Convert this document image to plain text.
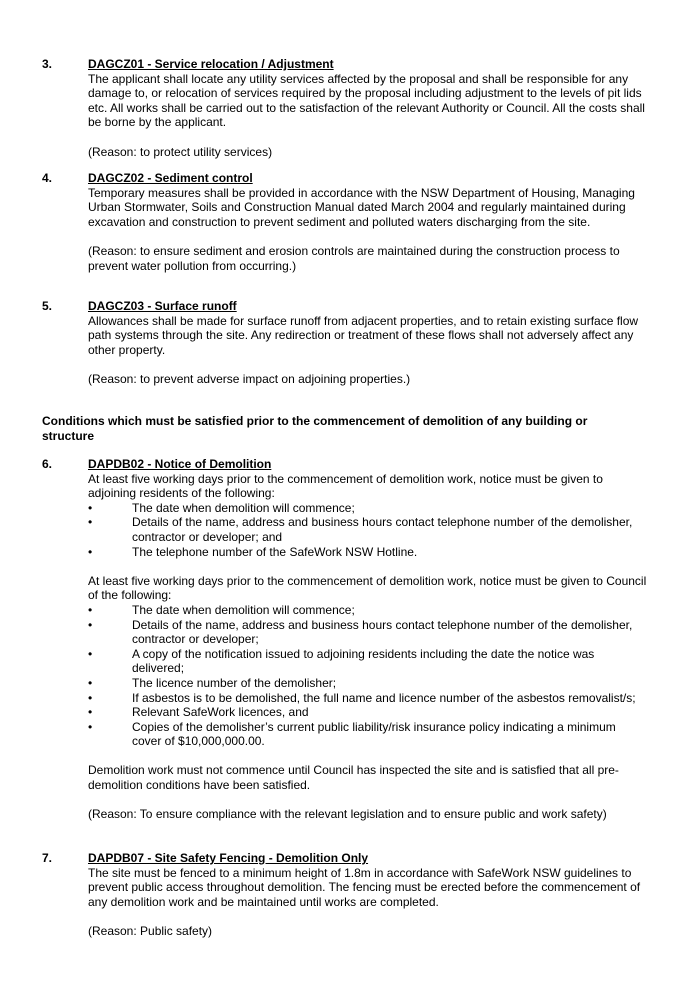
3.	DAGCZ01 - Service relocation / Adjustment

The applicant shall locate any utility services affected by the proposal and shall be responsible for any damage to, or relocation of services required by the proposal including adjustment to the levels of pit lids etc. All works shall be carried out to the satisfaction of the relevant Authority or Council. All the costs shall be borne by the applicant.

(Reason: to protect utility services)

4.	DAGCZ02 - Sediment control

Temporary measures shall be provided in accordance with the NSW Department of Housing, Managing Urban Stormwater, Soils and Construction Manual dated March 2004 and regularly maintained during excavation and construction to prevent sediment and polluted waters discharging from the site.

(Reason: to ensure sediment and erosion controls are maintained during the construction process to prevent water pollution from occurring.)

5.	DAGCZ03 - Surface runoff

Allowances shall be made for surface runoff from adjacent properties, and to retain existing surface flow path systems through the site. Any redirection or treatment of these flows shall not adversely affect any other property.

(Reason: to prevent adverse impact on adjoining properties.)

Conditions which must be satisfied prior to the commencement of demolition of any building or structure
6.	DAPDB02 - Notice of Demolition

At least five working days prior to the commencement of demolition work, notice must be given to adjoining residents of the following:

•	The date when demolition will commence;
•	Details of the name, address and business hours contact telephone number of the demolisher, contractor or developer; and
•	The telephone number of the SafeWork NSW Hotline.

At least five working days prior to the commencement of demolition work, notice must be given to Council of the following:

•	The date when demolition will commence;
•	Details of the name, address and business hours contact telephone number of the demolisher, contractor or developer;
•	A copy of the notification issued to adjoining residents including the date the notice was delivered;
•	The licence number of the demolisher;
•	If asbestos is to be demolished, the full name and licence number of the asbestos removalist/s;
•	Relevant SafeWork licences, and
•	Copies of the demolisher’s current public liability/risk insurance policy indicating a minimum cover of $10,000,000.00.

Demolition work must not commence until Council has inspected the site and is satisfied that all pre-demolition conditions have been satisfied.

(Reason: To ensure compliance with the relevant legislation and to ensure public and work safety)

7.	DAPDB07 - Site Safety Fencing - Demolition Only

The site must be fenced to a minimum height of 1.8m in accordance with SafeWork NSW guidelines to prevent public access throughout demolition. The fencing must be erected before the commencement of any demolition work and be maintained until works are completed.

(Reason: Public safety)
